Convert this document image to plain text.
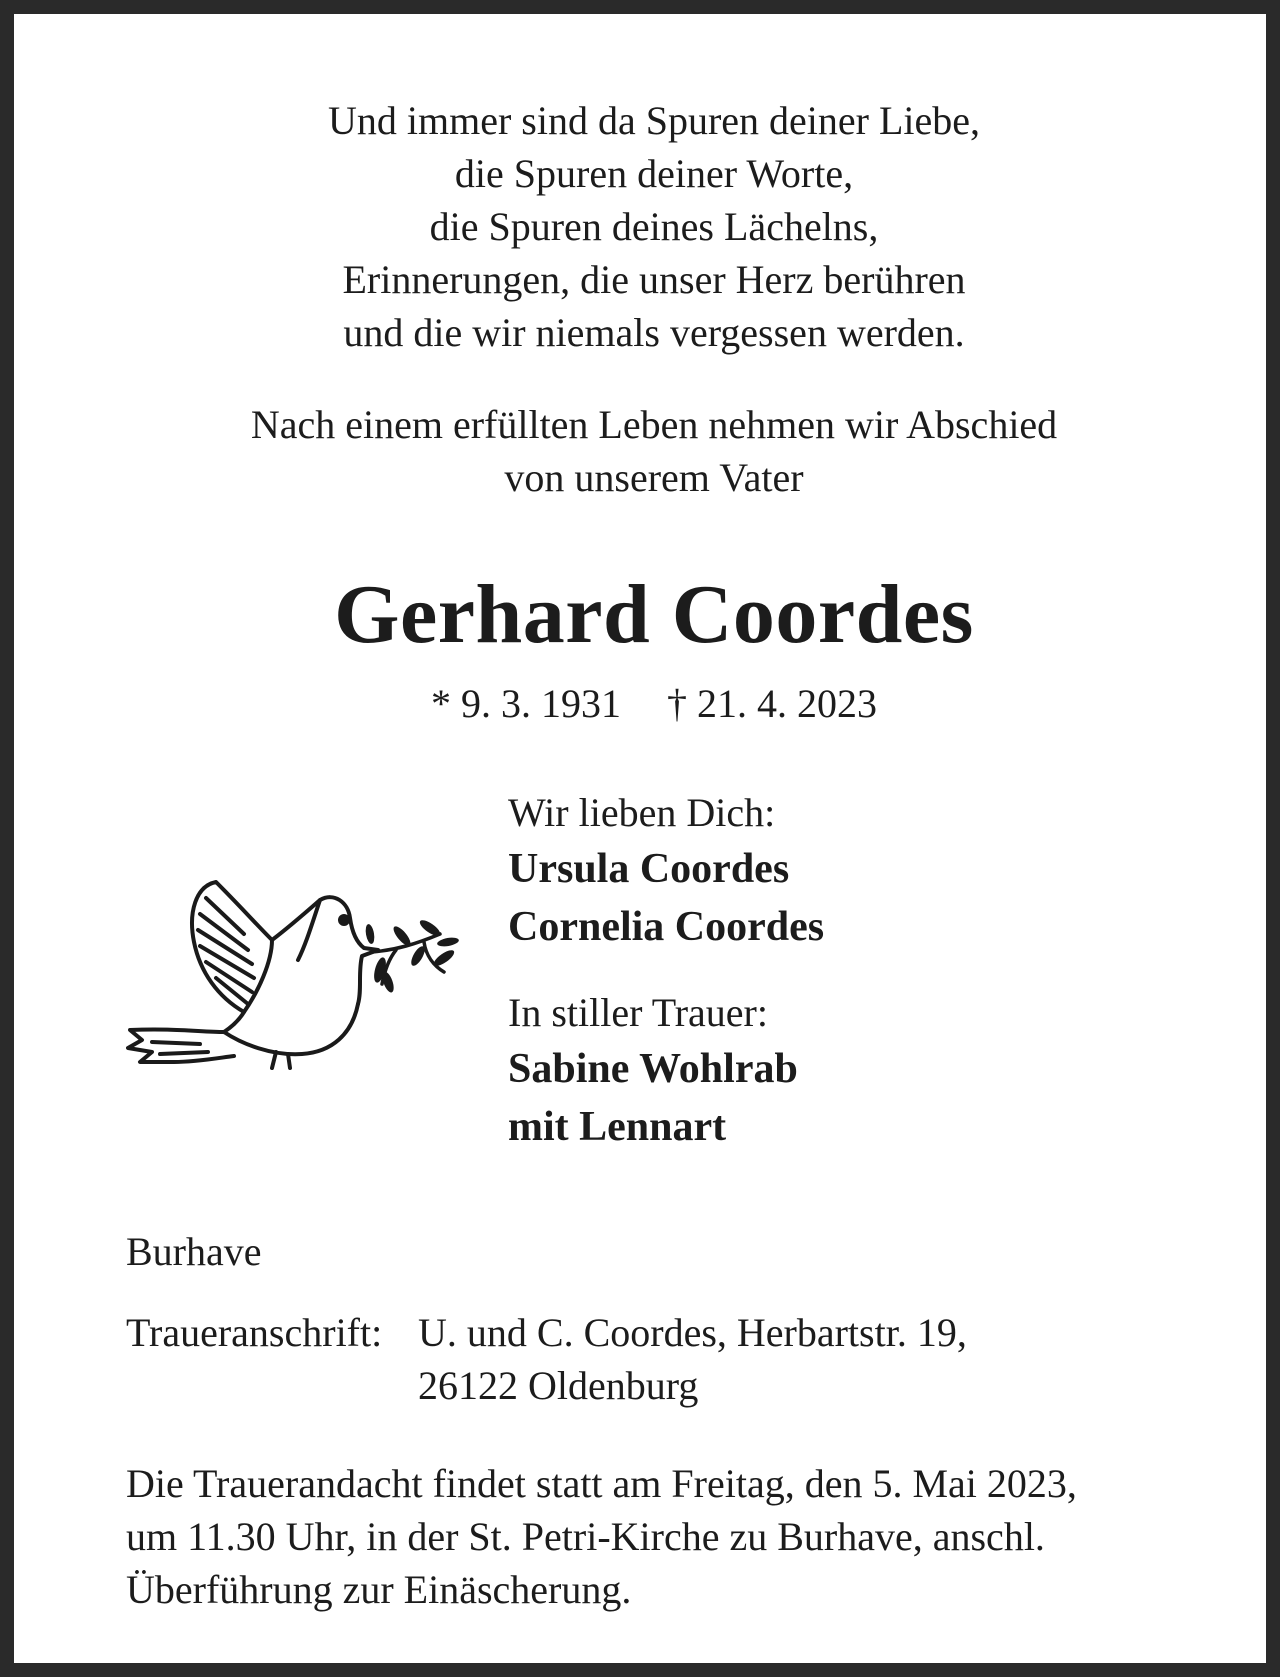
Und immer sind da Spuren deiner Liebe,
die Spuren deiner Worte,
die Spuren deines Lächelns,
Erinnerungen, die unser Herz berühren
und die wir niemals vergessen werden.
Nach einem erfüllten Leben nehmen wir Abschied
von unserem Vater
Gerhard Coordes
* 9. 3. 1931 † 21. 4. 2023
Wir lieben Dich:
Ursula Coordes
Cornelia Coordes
In stiller Trauer:
Sabine Wohlrab
mit Lennart
Burhave
Traueranschrift: U. und C. Coordes, Herbartstr. 19,
26122 Oldenburg
Die Trauerandacht findet statt am Freitag, den 5. Mai 2023,
um 11.30 Uhr, in der St. Petri-Kirche zu Burhave, anschl.
Überführung zur Einäscherung.
